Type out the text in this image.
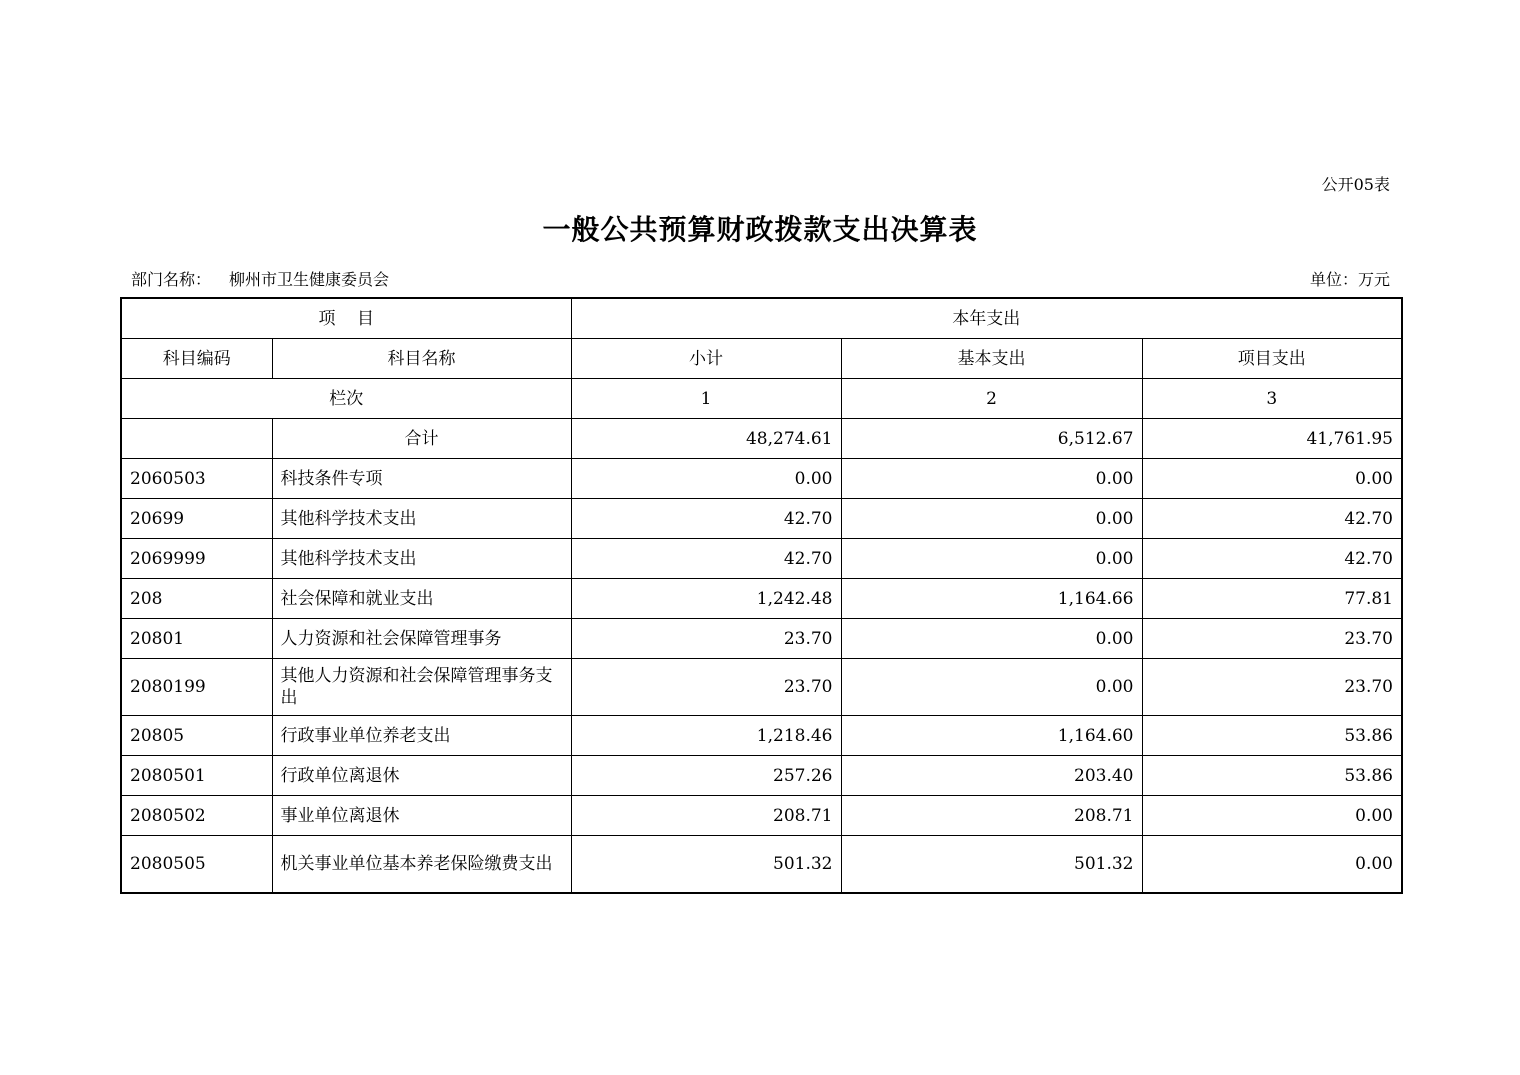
公开05表
一般公共预算财政拨款支出决算表
部门名称： 柳州市卫生健康委员会	单位：万元
项    目		本年支出		
科目编码	科目名称	小计	基本支出	项目支出
栏次		1	2	3
	合计	48,274.61	6,512.67	41,761.95
2060503	科技条件专项	0.00	0.00	0.00
20699	其他科学技术支出	42.70	0.00	42.70
2069999	其他科学技术支出	42.70	0.00	42.70
208	社会保障和就业支出	1,242.48	1,164.66	77.81
20801	人力资源和社会保障管理事务	23.70	0.00	23.70
2080199	其他人力资源和社会保障管理事务支出	23.70	0.00	23.70
20805	行政事业单位养老支出	1,218.46	1,164.60	53.86
2080501	行政单位离退休	257.26	203.40	53.86
2080502	事业单位离退休	208.71	208.71	0.00
2080505	机关事业单位基本养老保险缴费支出	501.32	501.32	0.00
